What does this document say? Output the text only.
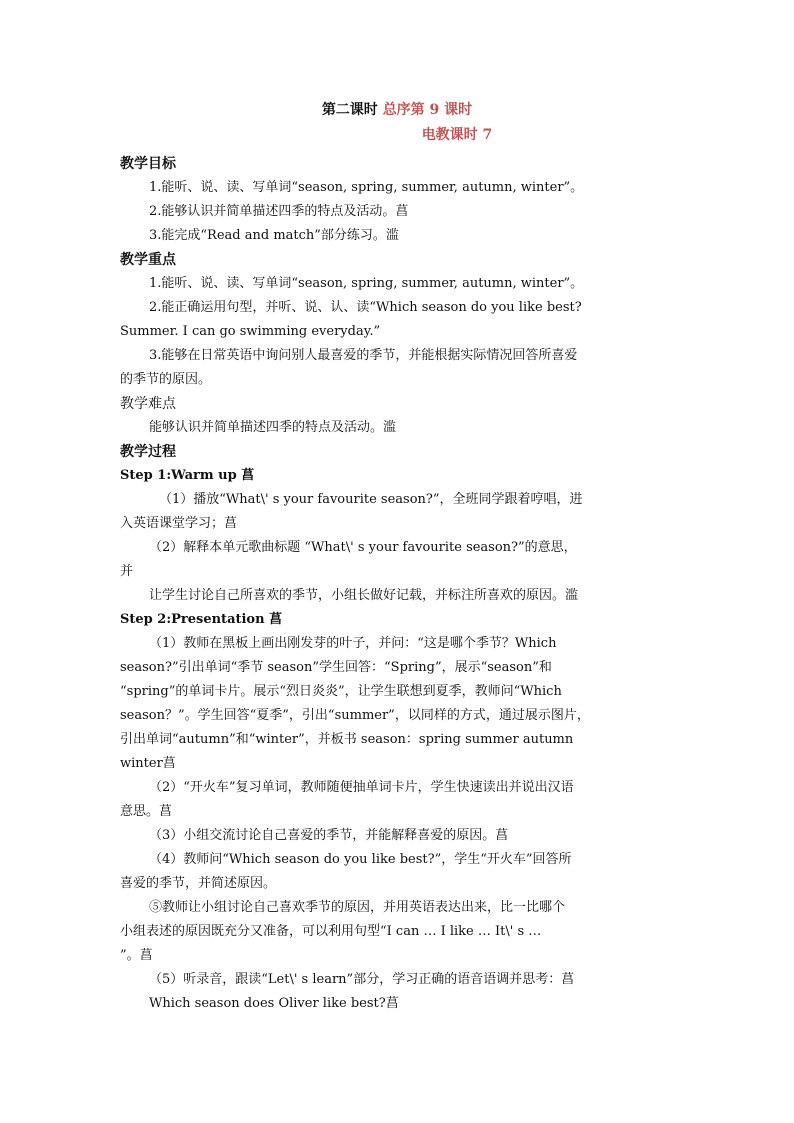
第二课时 总序第 9 课时
电教课时 7

教学目标

1.能听、说、读、写单词“season, spring, summer, autumn, winter”。

2.能够认识并简单描述四季的特点及活动。菖

3.能完成“Read and match”部分练习。滥

教学重点

1.能听、说、读、写单词“season, spring, summer, autumn, winter”。

2.能正确运用句型，并听、说、认、读“Which season do you like best?

Summer. I can go swimming everyday.”

3.能够在日常英语中询问别人最喜爱的季节，并能根据实际情况回答所喜爱

的季节的原因。

教学难点

能够认识并简单描述四季的特点及活动。滥

教学过程

Step 1:Warm up 菖

（1）播放“What\' s your favourite season?”，全班同学跟着哼唱，进

入英语课堂学习；菖

（2）解释本单元歌曲标题 “What\' s your favourite season?”的意思，

并

让学生讨论自己所喜欢的季节，小组长做好记载，并标注所喜欢的原因。滥

Step 2:Presentation 菖

（1）教师在黑板上画出刚发芽的叶子，并问：“这是哪个季节？Which

season?”引出单词“季节 season”学生回答：“Spring”，展示“season”和

“spring”的单词卡片。展示“烈日炎炎”，让学生联想到夏季，教师问“Which

season？”。学生回答“夏季”，引出“summer”，以同样的方式，通过展示图片，

引出单词“autumn”和“winter”，并板书 season：spring summer autumn

winter菖

（2）“开火车”复习单词，教师随便抽单词卡片，学生快速读出并说出汉语

意思。菖

（3）小组交流讨论自己喜爱的季节，并能解释喜爱的原因。菖

（4）教师问“Which season do you like best?”，学生“开火车”回答所

喜爱的季节，并简述原因。

⑤教师让小组讨论自己喜欢季节的原因，并用英语表达出来，比一比哪个

小组表述的原因既充分又准备，可以利用句型“I can … I like … It\' s …

”。菖

（5）听录音，跟读“Let\' s learn”部分，学习正确的语音语调并思考：菖

Which season does Oliver like best?菖
